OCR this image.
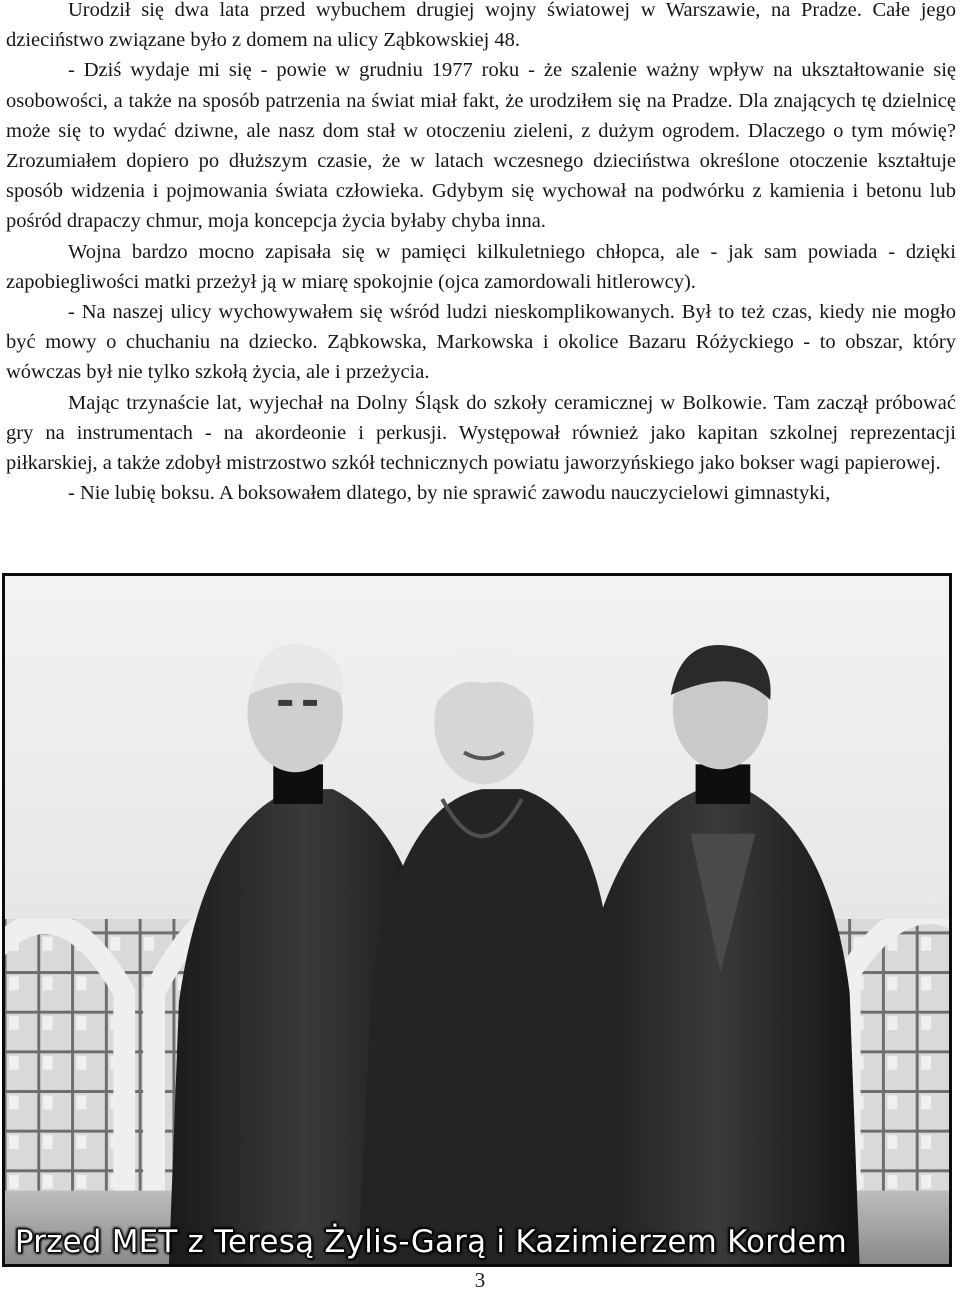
Urodził się dwa lata przed wybuchem drugiej wojny światowej w Warszawie, na Pradze. Całe jego dzieciństwo związane było z domem na ulicy Ząbkowskiej 48.

- Dziś wydaje mi się - powie w grudniu 1977 roku - że szalenie ważny wpływ na ukształtowanie się osobowości, a także na sposób patrzenia na świat miał fakt, że urodziłem się na Pradze. Dla znających tę dzielnicę może się to wydać dziwne, ale nasz dom stał w otoczeniu zieleni, z dużym ogrodem. Dlaczego o tym mówię? Zrozumiałem dopiero po dłuższym czasie, że w latach wczesnego dzieciństwa określone otoczenie kształtuje sposób widzenia i pojmowania świata człowieka. Gdybym się wychował na podwórku z kamienia i betonu lub pośród drapaczy chmur, moja koncepcja życia byłaby chyba inna.

Wojna bardzo mocno zapisała się w pamięci kilkuletniego chłopca, ale - jak sam powiada - dzięki zapobiegliwości matki przeżył ją w miarę spokojnie (ojca zamordowali hitlerowcy).

- Na naszej ulicy wychowywałem się wśród ludzi nieskomplikowanych. Był to też czas, kiedy nie mogło być mowy o chuchaniu na dziecko. Ząbkowska, Markowska i okolice Bazaru Różyckiego - to obszar, który wówczas był nie tylko szkołą życia, ale i przeżycia.

Mając trzynaście lat, wyjechał na Dolny Śląsk do szkoły ceramicznej w Bolkowie. Tam zaczął próbować gry na instrumentach - na akordeonie i perkusji. Występował również jako kapitan szkolnej reprezentacji piłkarskiej, a także zdobył mistrzostwo szkół technicznych powiatu jaworzyńskiego jako bokser wagi papierowej.

- Nie lubię boksu. A boksowałem dlatego, by nie sprawić zawodu nauczycielowi gimnastyki,

Przed MET z Teresą Żylis-Garą i Kazimierzem Kordem
3
